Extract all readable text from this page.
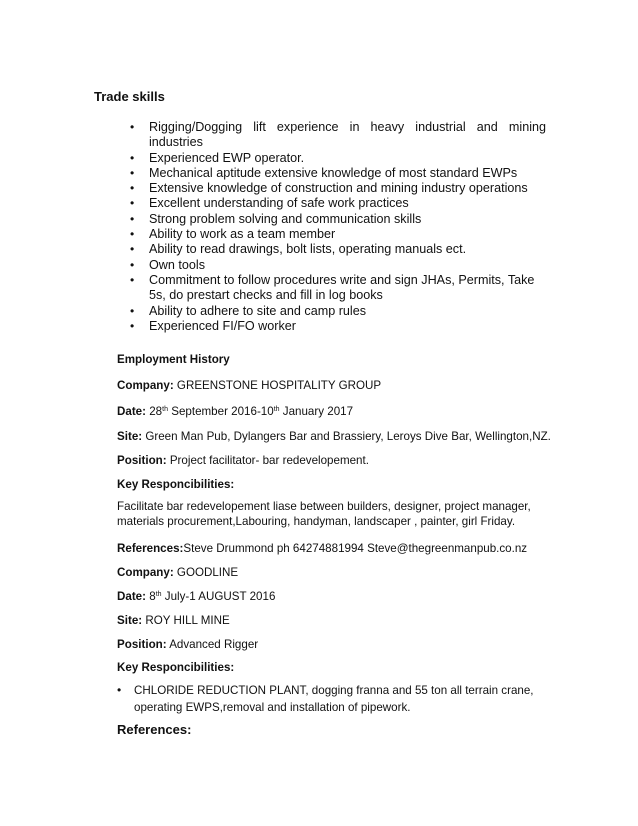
Trade skills
• Rigging/Dogging lift experience in heavy industrial and mining industries
• Experienced EWP operator.
• Mechanical aptitude extensive knowledge of most standard EWPs
• Extensive knowledge of construction and mining industry operations
• Excellent understanding of safe work practices
• Strong problem solving and communication skills
• Ability to work as a team member
• Ability to read drawings, bolt lists, operating manuals ect.
• Own tools
• Commitment to follow procedures write and sign JHAs, Permits, Take 5s, do prestart checks and fill in log books
• Ability to adhere to site and camp rules
• Experienced FI/FO worker
Employment History
Company: GREENSTONE HOSPITALITY GROUP
Date: 28th September 2016-10th January 2017
Site: Green Man Pub, Dylangers Bar and Brassiery, Leroys Dive Bar, Wellington,NZ.
Position: Project facilitator- bar redevelopement.
Key Responcibilities:
Facilitate bar redevelopement liase between builders, designer, project manager, materials procurement,Labouring, handyman, landscaper , painter, girl Friday.
References:Steve Drummond ph 64274881994 Steve@thegreenmanpub.co.nz
Company: GOODLINE
Date: 8th July-1 AUGUST 2016
Site: ROY HILL MINE
Position: Advanced Rigger
Key Responcibilities:
• CHLORIDE REDUCTION PLANT, dogging franna and 55 ton all terrain crane, operating EWPS,removal and installation of pipework.
References:
